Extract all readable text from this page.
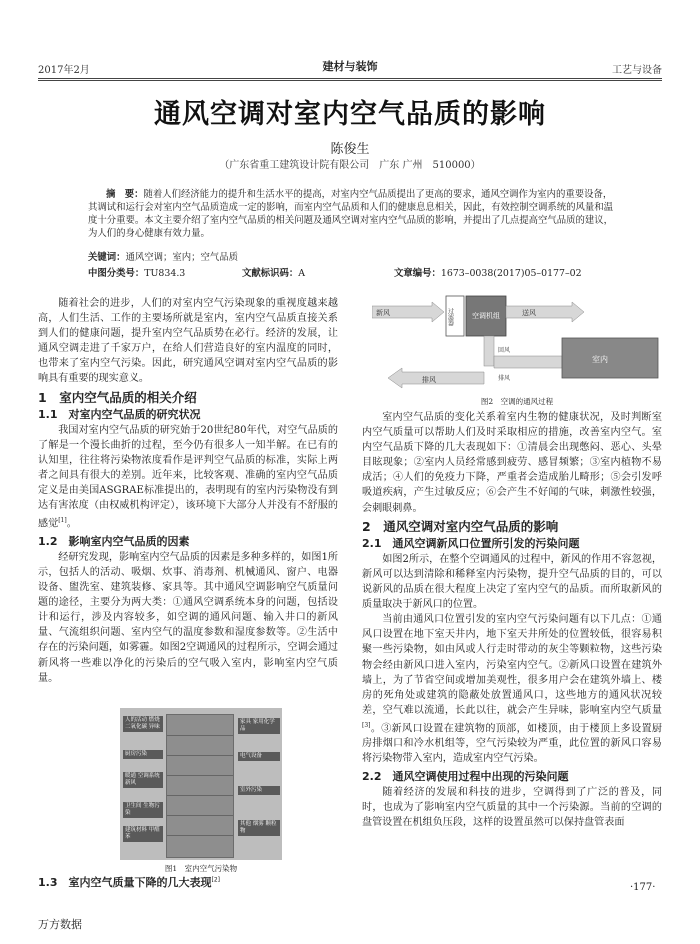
2017年2月	建材与装饰	工艺与设备
通风空调对室内空气品质的影响
陈俊生
（广东省重工建筑设计院有限公司　广东 广州　510000）
摘　要：随着人们经济能力的提升和生活水平的提高，对室内空气品质提出了更高的要求，通风空调作为室内的重要设备，其调试和运行会对室内空气品质造成一定的影响，而室内空气品质和人们的健康息息相关，因此，有效控制空调系统的风量和温度十分重要。本文主要介绍了室内空气品质的相关问题及通风空调对室内空气品质的影响，并提出了几点提高空气品质的建议，为人们的身心健康有效力量。
关键词：通风空调；室内；空气品质
中图分类号：TU834.3	文献标识码：A	文章编号：1673–0038(2017)05–0177–02

随着社会的进步，人们的对室内空气污染现象的重视度越来越高，人们生活、工作的主要场所就是室内，室内空气品质直接关系到人们的健康问题，提升室内空气品质势在必行。经济的发展，让通风空调走进了千家万户，在给人们营造良好的室内温度的同时，也带来了室内空气污染。因此，研究通风空调对室内空气品质的影响具有重要的现实意义。

1　室内空气品质的相关介绍
1.1　对室内空气品质的研究状况

我国对室内空气品质的研究始于20世纪80年代，对空气品质的了解是一个漫长曲折的过程，至今仍有很多人一知半解。在已有的认知里，往往将污染物浓度看作是评判空气品质的标准，实际上两者之间具有很大的差别。近年来，比较客观、准确的室内空气品质定义是由美国ASGRAE标准提出的，表明现有的室内污染物没有到达有害浓度（由权威机构评定），该环境下大部分人并没有不舒服的感觉[1]。

1.2　影响室内空气品质的因素

经研究发现，影响室内空气品质的因素是多种多样的，如图1所示，包括人的活动、吸烟、炊事、消毒剂、机械通风、窗户、电器设备、盥洗室、建筑装修、家具等。其中通风空调影响空气质量问题的途径，主要分为两大类：①通风空调系统本身的问题，包括设计和运行，涉及内容较多，如空调的通风问题、输入井口的新风量、气流组织问题、室内空气的温度参数和湿度参数等。②生活中存在的污染问题，如雾霾。如图2空调通风的过程所示，空调会通过新风将一些难以净化的污染后的空气吸入室内，影响室内空气质量。

人的活动 燃烧 二氧化碳 异味
厨房污染
暖通 空调系统 新风
卫生间 生物污染
建筑材料 甲醛 苯
家具 家用化学品
电气设备
室外污染
其他 烟雾 颗粒物
图1　室内空气污染物
1.3　室内空气质量下降的几大表现[2]
新风	过滤器	空调机组	送风
回风
室内
排风	排风
图2　空调的通风过程

室内空气品质的变化关系着室内生物的健康状况，及时判断室内空气质量可以帮助人们及时采取相应的措施，改善室内空气。室内空气品质下降的几大表现如下：①清晨会出现憋闷、恶心、头晕目眩现象；②室内人员经常感到疲劳、感冒频繁；③室内植物不易成活；④人们的免疫力下降，严重者会造成胎儿畸形；⑤会引发呼吸道疾病，产生过敏反应；⑥会产生不好闻的气味，刺激性较强，会刺眼刺鼻。

2　通风空调对室内空气品质的影响
2.1　通风空调新风口位置所引发的污染问题

如图2所示，在整个空调通风的过程中，新风的作用不容忽视，新风可以达到清除和稀释室内污染物，提升空气品质的目的，可以说新风的品质在很大程度上决定了室内空气的品质。而所取新风的质量取决于新风口的位置。

当前由通风口位置引发的室内空气污染问题有以下几点：①通风口设置在地下室天井内，地下室天井所处的位置较低，很容易积聚一些污染物，如由风或人行走时带动的灰尘等颗粒物，这些污染物会经由新风口进入室内，污染室内空气。②新风口设置在建筑外墙上，为了节省空间或增加美观性，很多用户会在建筑外墙上、楼房的死角处或建筑的隐蔽处放置通风口，这些地方的通风状况较差，空气难以流通，长此以往，就会产生异味，影响室内空气质量[3]。③新风口设置在建筑物的顶部，如楼顶，由于楼顶上多设置厨房排烟口和冷水机组等，空气污染较为严重，此位置的新风口容易将污染物带入室内，造成室内空气污染。

2.2　通风空调使用过程中出现的污染问题

随着经济的发展和科技的进步，空调得到了广泛的普及，同时，也成为了影响室内空气质量的其中一个污染源。当前的空调的盘管设置在机组负压段，这样的设置虽然可以保持盘管表面

·177·
万方数据
